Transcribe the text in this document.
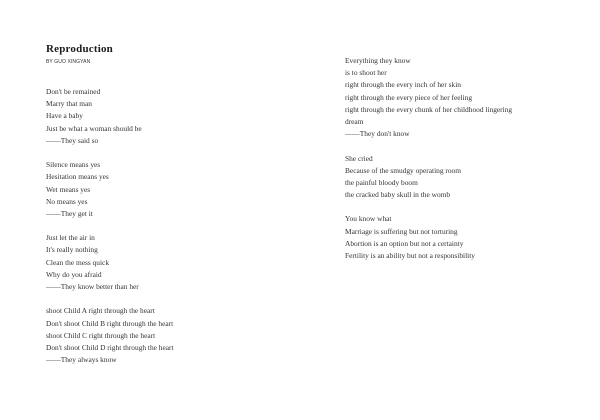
Reproduction
BY GUO XINGYAN
Don't be remained
Marry that man
Have a baby
Just be what a woman should be
——They said so
Silence means yes
Hesitation means yes
Wet means yes
No means yes
——They get it
Just let the air in
It's really nothing
Clean the mess quick
Why do you afraid
——They know better than her
shoot Child A right through the heart
Don't shoot Child B right through the heart
shoot Child C right through the heart
Don't shoot Child D right through the heart
——They always know
Everything they know
is to shoot her
right through the every inch of her skin
right through the every piece of her feeling
right through the every chunk of her childhood lingering
dream
——They don't know
She cried
Because of the smudgy operating room
the painful bloody boom
the cracked baby skull in the womb
You know what
Marriage is suffering but not torturing
Abortion is an option but not a certainty
Fertility is an ability but not a responsibility
